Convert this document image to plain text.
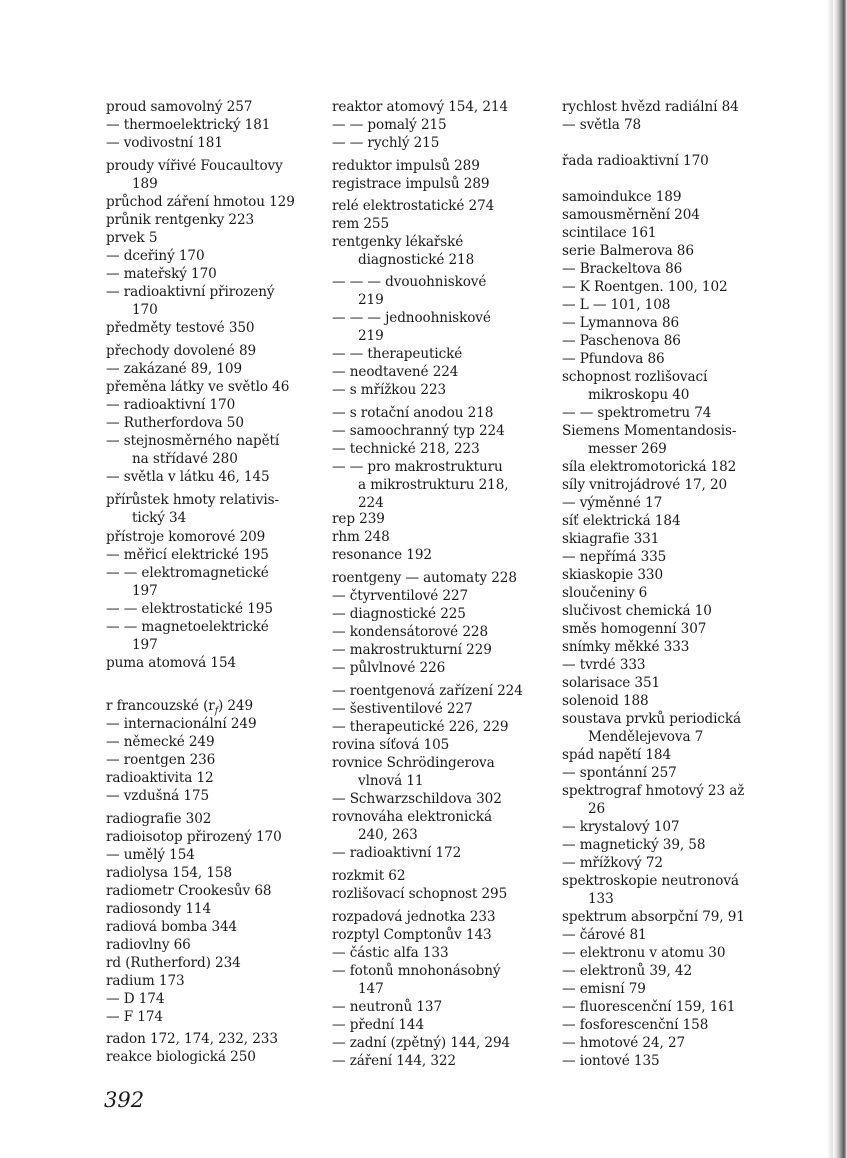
proud samovolný 257
— thermoelektrický 181
— vodivostní 181
proudy vířivé Foucaultovy
189
průchod záření hmotou 129
průnik rentgenky 223
prvek 5
— dceřiný 170
— mateřský 170
— radioaktivní přirozený
170
předměty testové 350
přechody dovolené 89
— zakázané 89, 109
přeměna látky ve světlo 46
— radioaktivní 170
— Rutherfordova 50
— stejnosměrného napětí
na střídavé 280
— světla v látku 46, 145
přírůstek hmoty relativis-
tický 34
přístroje komorové 209
— měřicí elektrické 195
— — elektromagnetické
197
— — elektrostatické 195
— — magnetoelektrické
197
puma atomová 154
r francouzské $(r_f)$ 249
— internacionální 249
— německé 249
— roentgen 236
radioaktivita 12
— vzdušná 175
radiografie 302
radioisotop přirozený 170
— umělý 154
radiolysa 154, 158
radiometr Crookesův 68
radiosondy 114
radiová bomba 344
radiovlny 66
rd (Rutherford) 234
radium 173
— D 174
— F 174
radon 172, 174, 232, 233
reakce biologická 250
reaktor atomový 154, 214
— — pomalý 215
— — rychlý 215
reduktor impulsů 289
registrace impulsů 289
relé elektrostatické 274
rem 255
rentgenky lékařské
diagnostické 218
— — — dvouohniskové
219
— — — jednoohniskové
219
— — therapeutické
— neodtavené 224
— s mřížkou 223
— s rotační anodou 218
— samoochranný typ 224
— technické 218, 223
— — pro makrostrukturu
a mikrostrukturu 218,
224
rep 239
rhm 248
resonance 192
roentgeny — automaty 228
— čtyrventilové 227
— diagnostické 225
— kondensátorové 228
— makrostrukturní 229
— půlvlnové 226
— roentgenová zařízení 224
— šestiventilové 227
— therapeutické 226, 229
rovina síťová 105
rovnice Schrödingerova
vlnová 11
— Schwarzschildova 302
rovnováha elektronická
240, 263
— radioaktivní 172
rozkmit 62
rozlišovací schopnost 295
rozpadová jednotka 233
rozptyl Comptonův 143
— částic alfa 133
— fotonů mnohonásobný
147
— neutronů 137
— přední 144
— zadní (zpětný) 144, 294
— záření 144, 322
rychlost hvězd radiální 84
— světla 78
řada radioaktivní 170
samoindukce 189
samousměrnění 204
scintilace 161
serie Balmerova 86
— Brackeltova 86
— K Roentgen. 100, 102
— L — 101, 108
— Lymannova 86
— Paschenova 86
— Pfundova 86
schopnost rozlišovací
mikroskopu 40
— — spektrometru 74
Siemens Momentandosis-
messer 269
síla elektromotorická 182
síly vnitrojádrové 17, 20
— výměnné 17
síť elektrická 184
skiagrafie 331
— nepřímá 335
skiaskopie 330
sloučeniny 6
slučivost chemická 10
směs homogenní 307
snímky měkké 333
— tvrdé 333
solarisace 351
solenoid 188
soustava prvků periodická
Mendělejevova 7
spád napětí 184
— spontánní 257
spektrograf hmotový 23 až
26
— krystalový 107
— magnetický 39, 58
— mřížkový 72
spektroskopie neutronová
133
spektrum absorpční 79, 91
— čárové 81
— elektronu v atomu 30
— elektronů 39, 42
— emisní 79
— fluorescenční 159, 161
— fosforescenční 158
— hmotové 24, 27
— iontové 135
392
